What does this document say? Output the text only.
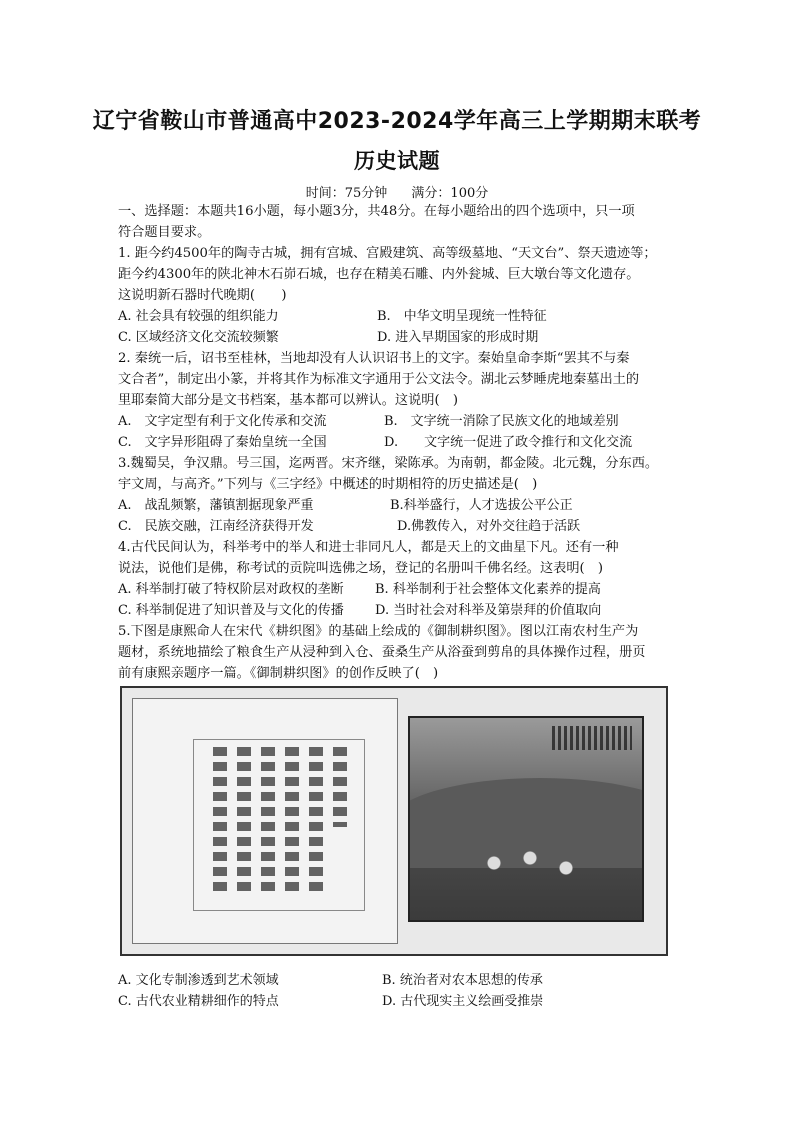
辽宁省鞍山市普通高中2023-2024学年高三上学期期末联考
历史试题
时间：75分钟 满分：100分
一、选择题：本题共16小题，每小题3分，共48分。在每小题给出的四个选项中，只一项
符合题目要求。
1. 距今约4500年的陶寺古城，拥有宫城、宫殿建筑、高等级墓地、“天文台”、祭天遗迹等；
距今约4300年的陕北神木石峁石城，也存在精美石雕、内外瓮城、巨大墩台等文化遗存。
这说明新石器时代晚期(　　)
A. 社会具有较强的组织能力	B.　中华文明呈现统一性特征
C. 区域经济文化交流较频繁	D. 进入早期国家的形成时期
2. 秦统一后，诏书至桂林，当地却没有人认识诏书上的文字。秦始皇命李斯“罢其不与秦
文合者”，制定出小篆，并将其作为标准文字通用于公文法令。湖北云梦睡虎地秦墓出土的
里耶秦简大部分是文书档案，基本都可以辨认。这说明(　)
A.　文字定型有利于文化传承和交流	B.　文字统一消除了民族文化的地域差别
C.　文字异形阻碍了秦始皇统一全国	D.　　文字统一促进了政令推行和文化交流
3.魏蜀吴，争汉鼎。号三国，迄两晋。宋齐继，梁陈承。为南朝，都金陵。北元魏，分东西。
宇文周，与高齐。”下列与《三字经》中概述的时期相符的历史描述是(　)
A.　战乱频繁，藩镇割据现象严重	B.科举盛行，人才选拔公平公正
C.　民族交融，江南经济获得开发	D.佛教传入，对外交往趋于活跃
4.古代民间认为，科举考中的举人和进士非同凡人，都是天上的文曲星下凡。还有一种
说法，说他们是佛，称考试的贡院叫选佛之场，登记的名册叫千佛名经。这表明(　)
A. 科举制打破了特权阶层对政权的垄断 B. 科举制利于社会整体文化素养的提高
C. 科举制促进了知识普及与文化的传播 D. 当时社会对科举及第崇拜的价值取向
5.下图是康熙命人在宋代《耕织图》的基础上绘成的《御制耕织图》。图以江南农村生产为
题材，系统地描绘了粮食生产从浸种到入仓、蚕桑生产从浴蚕到剪帛的具体操作过程，册页
前有康熙亲题序一篇。《御制耕织图》的创作反映了(　)
A. 文化专制渗透到艺术领域	B. 统治者对农本思想的传承
C. 古代农业精耕细作的特点	D. 古代现实主义绘画受推崇
